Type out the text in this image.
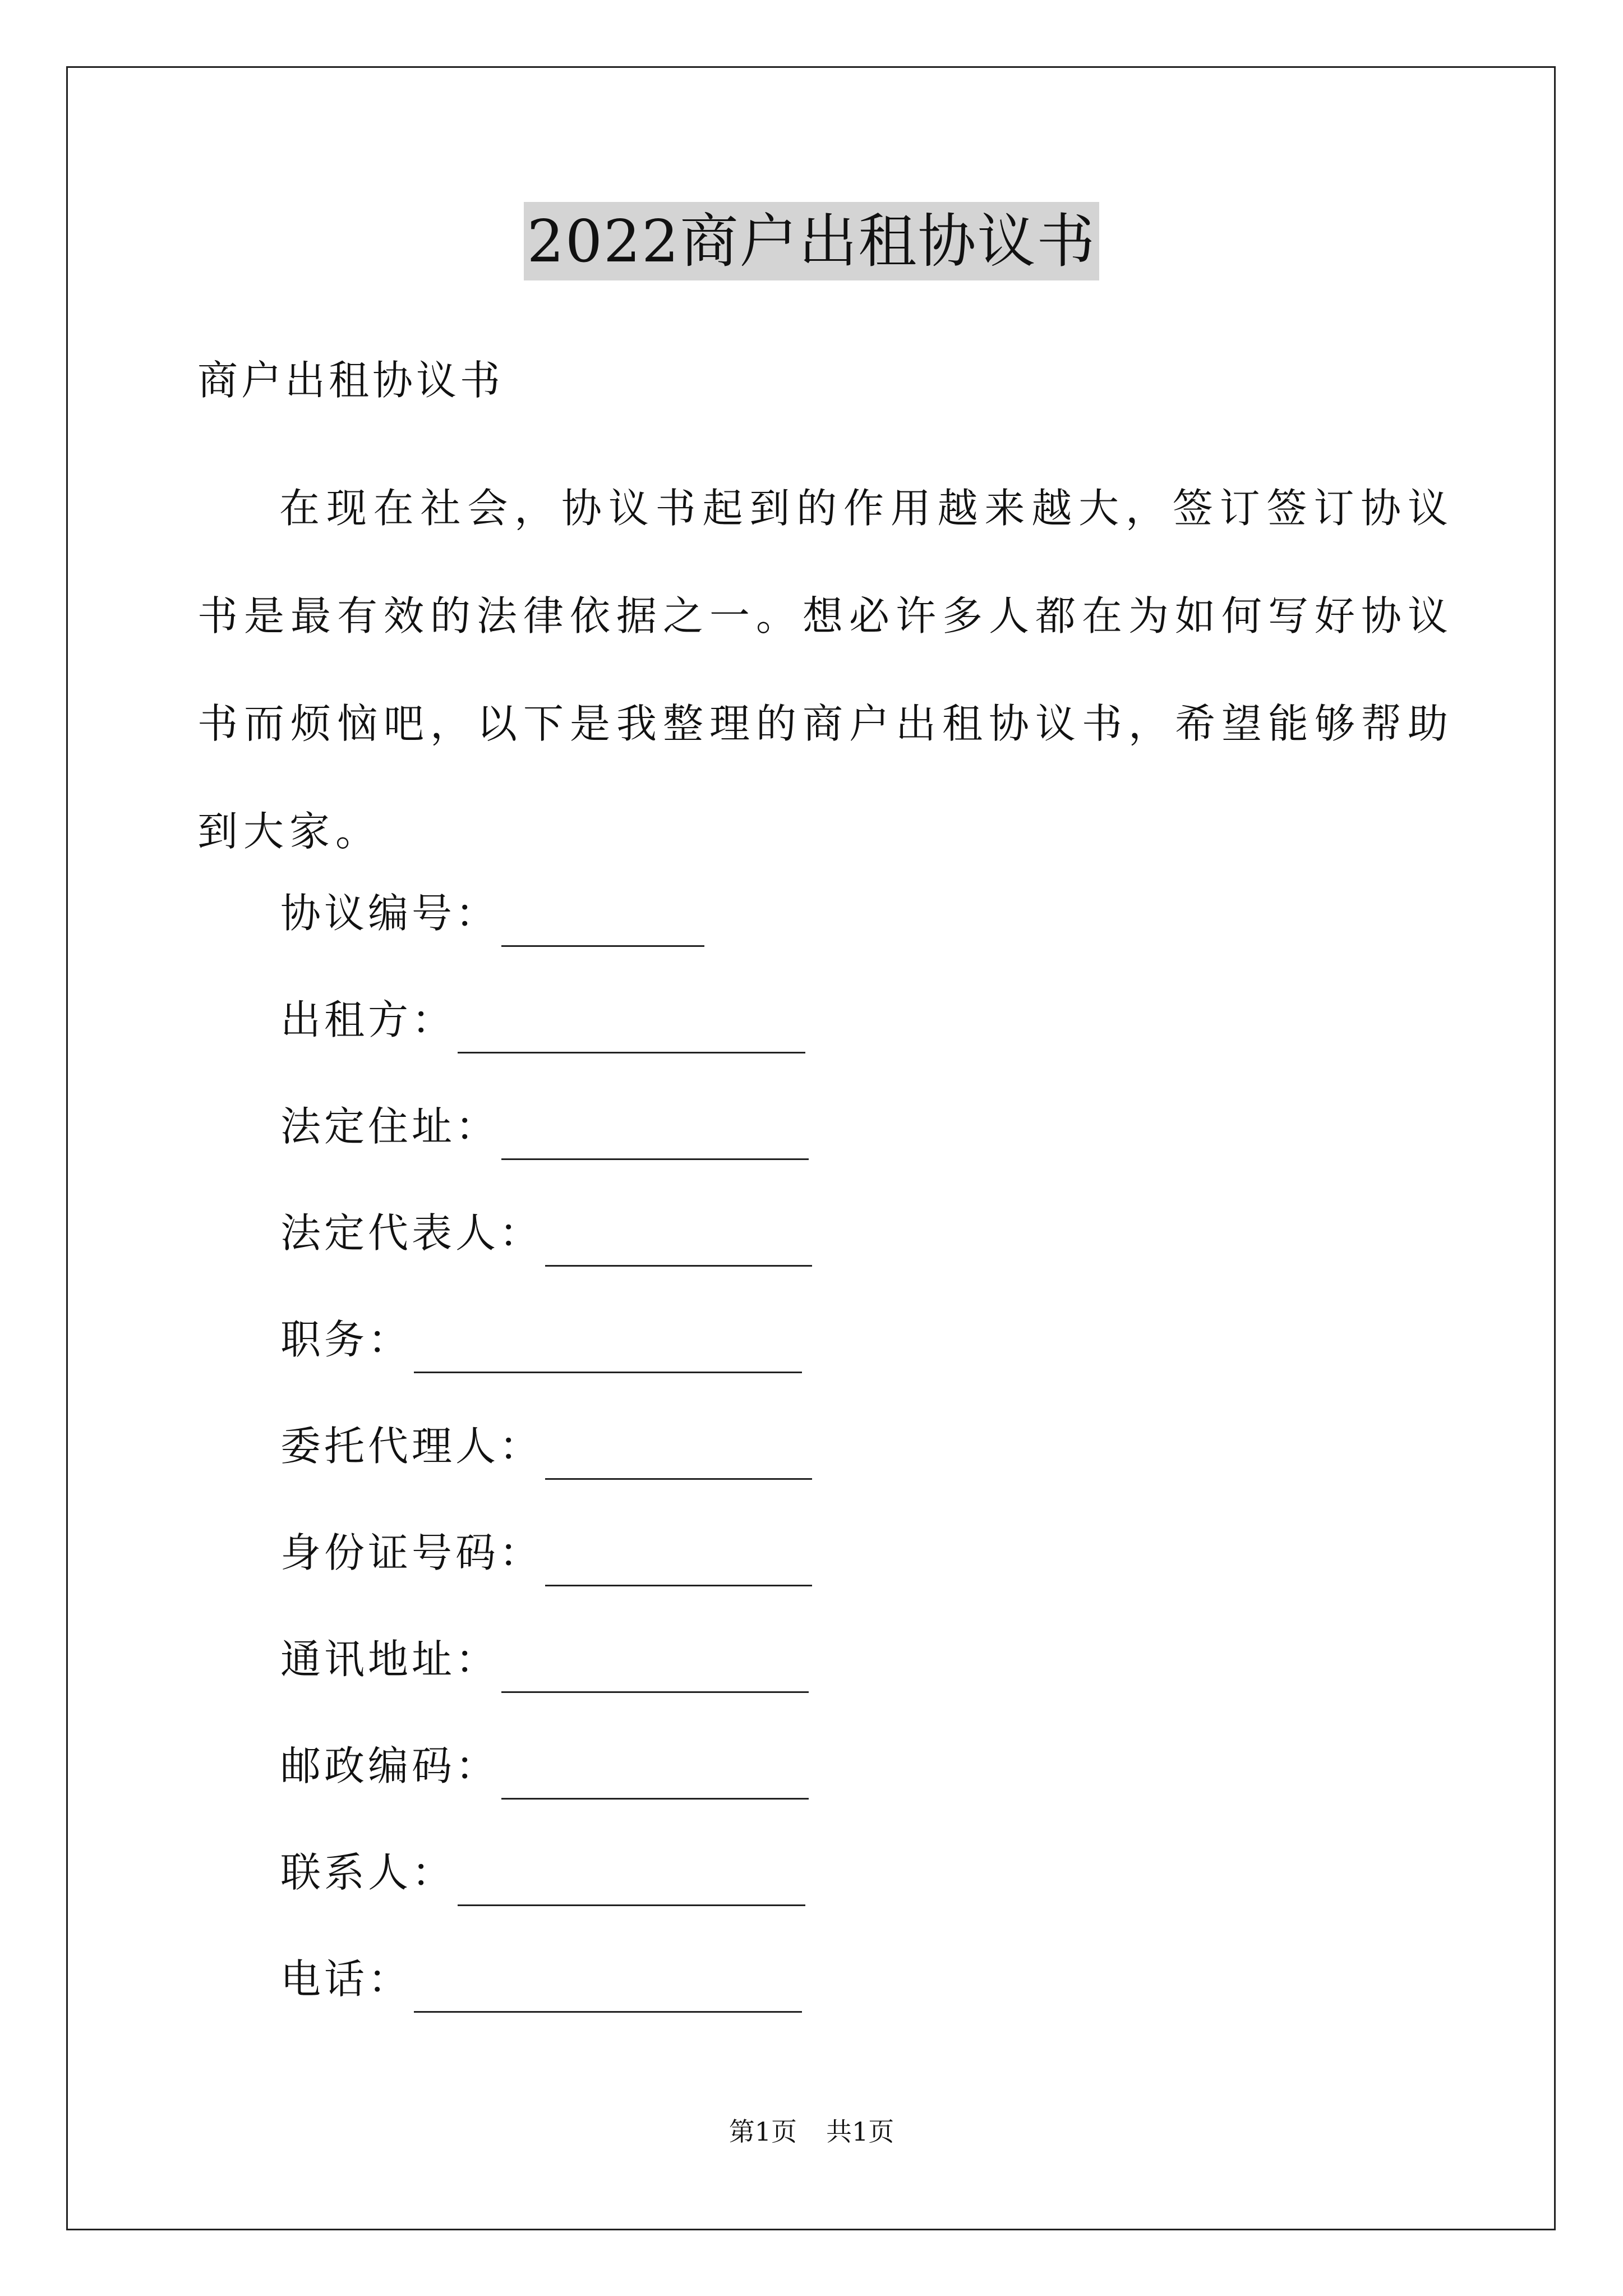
2022商户出租协议书
商户出租协议书

在现在社会，协议书起到的作用越来越大，签订签订协议书是最有效的法律依据之一。想必许多人都在为如何写好协议书而烦恼吧，以下是我整理的商户出租协议书，希望能够帮助到大家。

协议编号：
出租方：
法定住址：
法定代表人：
职务：
委托代理人：
身份证号码：
通讯地址：
邮政编码：
联系人：
电话：
第1页 共1页
